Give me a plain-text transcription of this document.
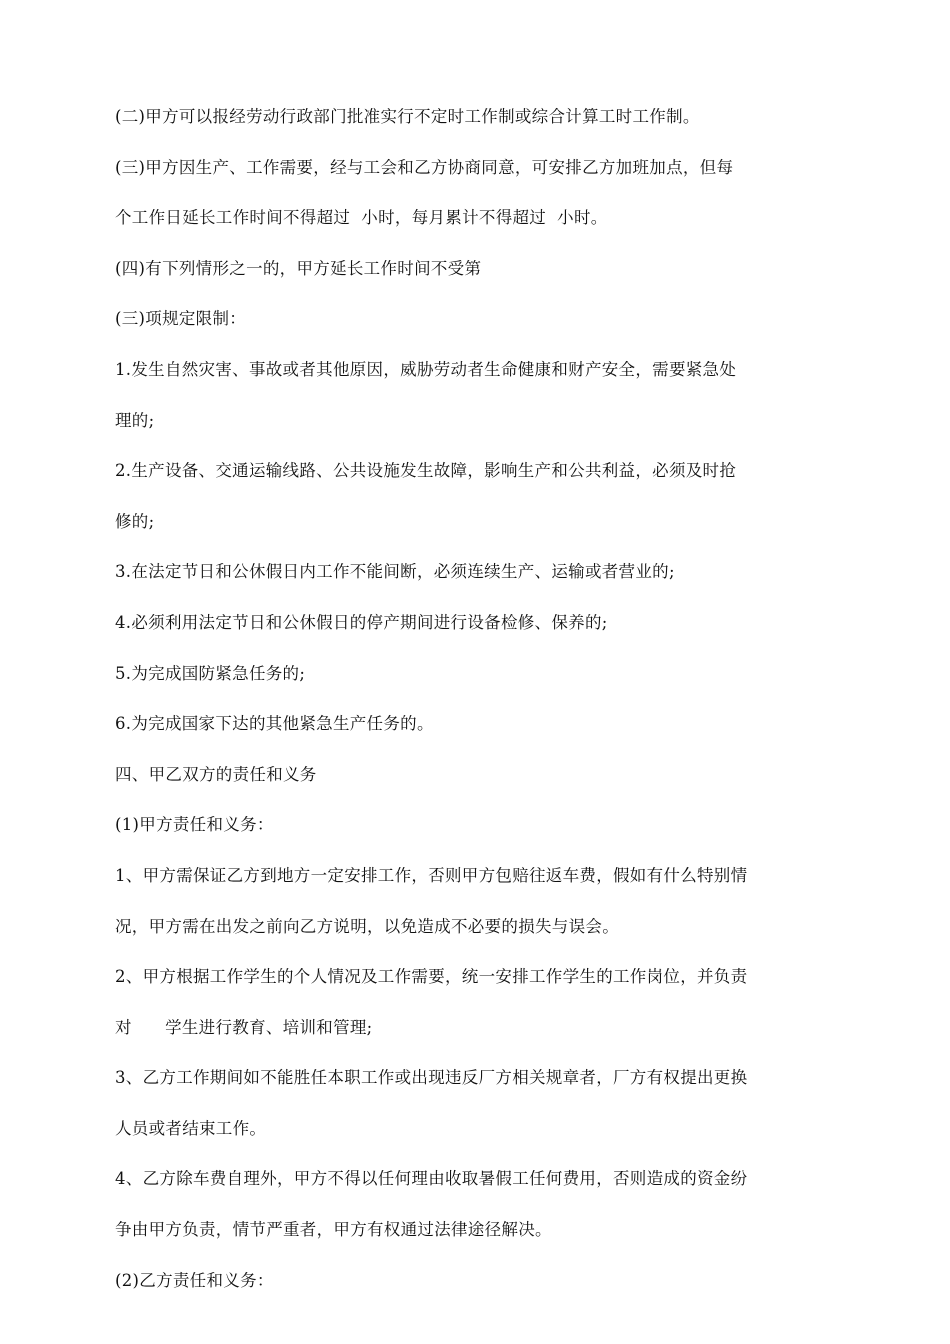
(二)甲方可以报经劳动行政部门批准实行不定时工作制或综合计算工时工作制。
(三)甲方因生产、工作需要，经与工会和乙方协商同意，可安排乙方加班加点，但每
个工作日延长工作时间不得超过  小时，每月累计不得超过  小时。
(四)有下列情形之一的，甲方延长工作时间不受第
(三)项规定限制：
1.发生自然灾害、事故或者其他原因，威胁劳动者生命健康和财产安全，需要紧急处
理的;
2.生产设备、交通运输线路、公共设施发生故障，影响生产和公共利益，必须及时抢
修的;
3.在法定节日和公休假日内工作不能间断，必须连续生产、运输或者营业的;
4.必须利用法定节日和公休假日的停产期间进行设备检修、保养的;
5.为完成国防紧急任务的;
6.为完成国家下达的其他紧急生产任务的。
四、甲乙双方的责任和义务
(1)甲方责任和义务：
1、甲方需保证乙方到地方一定安排工作，否则甲方包赔往返车费，假如有什么特别情
况，甲方需在出发之前向乙方说明，以免造成不必要的损失与误会。
2、甲方根据工作学生的个人情况及工作需要，统一安排工作学生的工作岗位，并负责
对      学生进行教育、培训和管理;
3、乙方工作期间如不能胜任本职工作或出现违反厂方相关规章者，厂方有权提出更换
人员或者结束工作。
4、乙方除车费自理外，甲方不得以任何理由收取暑假工任何费用，否则造成的资金纷
争由甲方负责，情节严重者，甲方有权通过法律途径解决。
(2)乙方责任和义务：
